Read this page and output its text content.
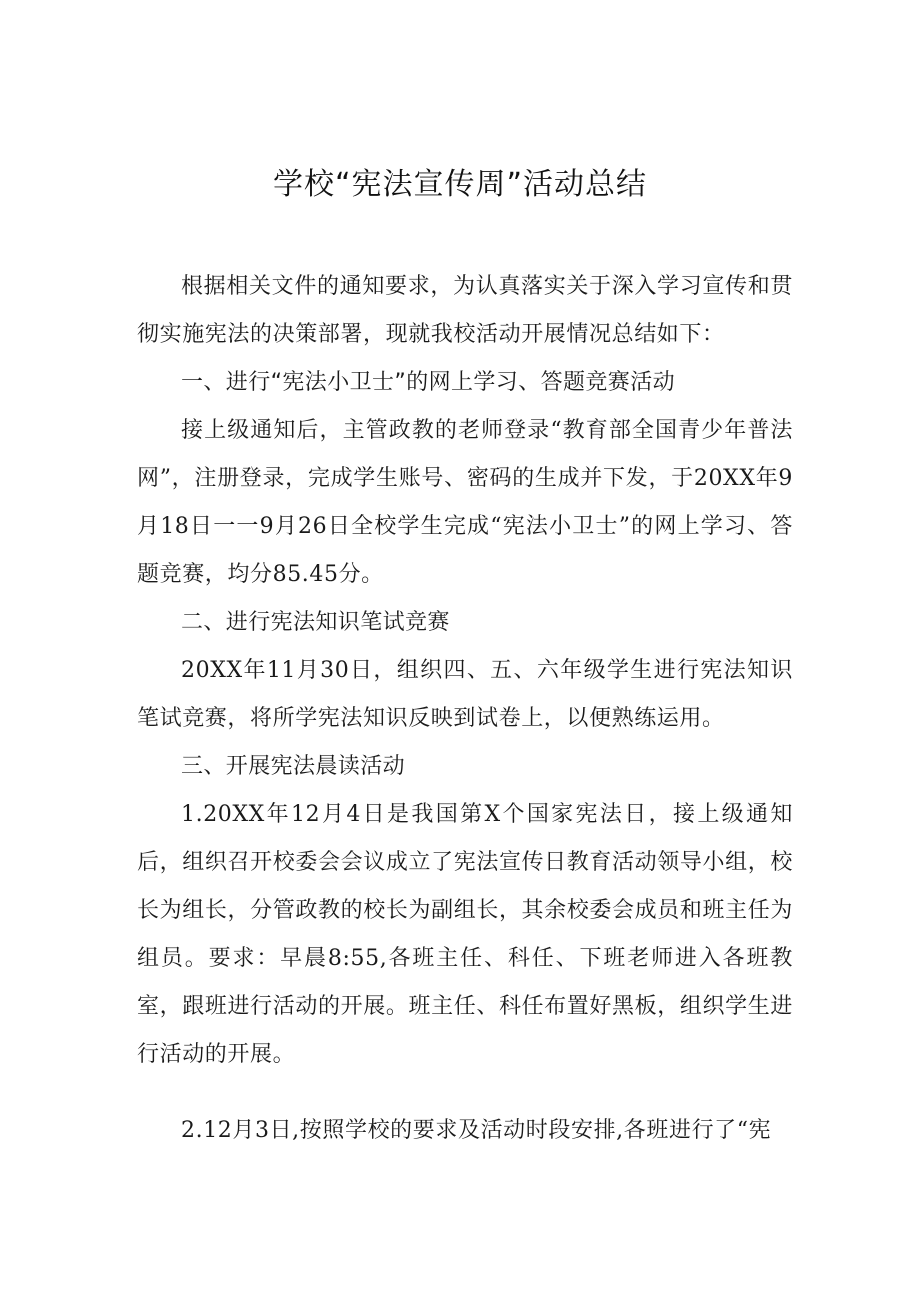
学校“宪法宣传周”活动总结

根据相关文件的通知要求，为认真落实关于深入学习宣传和贯彻实施宪法的决策部署，现就我校活动开展情况总结如下：

一、进行“宪法小卫士”的网上学习、答题竞赛活动

接上级通知后，主管政教的老师登录“教育部全国青少年普法网”，注册登录，完成学生账号、密码的生成并下发，于20XX年9月18日一一9月26日全校学生完成“宪法小卫士”的网上学习、答题竞赛，均分85.45分。

二、进行宪法知识笔试竞赛

20XX年11月30日，组织四、五、六年级学生进行宪法知识笔试竞赛，将所学宪法知识反映到试卷上，以便熟练运用。

三、开展宪法晨读活动

1.20XX年12月4日是我国第X个国家宪法日，接上级通知后，组织召开校委会会议成立了宪法宣传日教育活动领导小组，校长为组长，分管政教的校长为副组长，其余校委会成员和班主任为组员。要求：早晨8:55,各班主任、科任、下班老师进入各班教室，跟班进行活动的开展。班主任、科任布置好黑板，组织学生进行活动的开展。

2.12月3日,按照学校的要求及活动时段安排,各班进行了“宪
